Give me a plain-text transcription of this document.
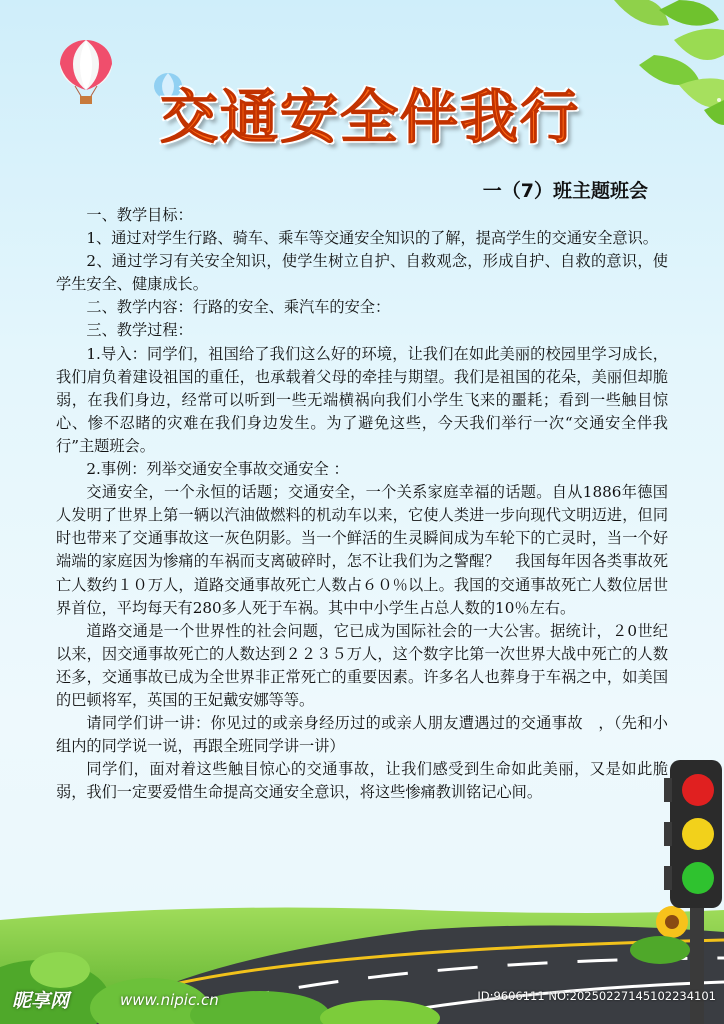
交通安全伴我行
一（7）班主题班会

一、教学目标：

1、通过对学生行路、骑车、乘车等交通安全知识的了解，提高学生的交通安全意识。

2、通过学习有关安全知识，使学生树立自护、自救观念，形成自护、自救的意识，使学生安全、健康成长。

二、教学内容：行路的安全、乘汽车的安全：

三、教学过程：

1.导入：同学们，祖国给了我们这么好的环境，让我们在如此美丽的校园里学习成长，我们肩负着建设祖国的重任，也承载着父母的牵挂与期望。我们是祖国的花朵，美丽但却脆弱，在我们身边，经常可以听到一些无端横祸向我们小学生飞来的噩耗；看到一些触目惊心、惨不忍睹的灾难在我们身边发生。为了避免这些，今天我们举行一次“交通安全伴我行”主题班会。

2.事例：列举交通安全事故交通安全 ：

交通安全，一个永恒的话题；交通安全，一个关系家庭幸福的话题。自从1886年德国人发明了世界上第一辆以汽油做燃料的机动车以来，它使人类进一步向现代文明迈进，但同时也带来了交通事故这一灰色阴影。当一个鲜活的生灵瞬间成为车轮下的亡灵时，当一个好端端的家庭因为惨痛的车祸而支离破碎时，怎不让我们为之警醒？　我国每年因各类事故死亡人数约１０万人，道路交通事故死亡人数占６０％以上。我国的交通事故死亡人数位居世界首位，平均每天有280多人死于车祸。其中中小学生占总人数的10％左右。

道路交通是一个世界性的社会问题，它已成为国际社会的一大公害。据统计，２0世纪以来，因交通事故死亡的人数达到２２３５万人，这个数字比第一次世界大战中死亡的人数还多，交通事故已成为全世界非正常死亡的重要因素。许多名人也葬身于车祸之中，如美国的巴顿将军，英国的王妃戴安娜等等。

请同学们讲一讲：你见过的或亲身经历过的或亲人朋友遭遇过的交通事故　，（先和小组内的同学说一说，再跟全班同学讲一讲）

同学们，面对着这些触目惊心的交通事故，让我们感受到生命如此美丽，又是如此脆弱，我们一定要爱惜生命提高交通安全意识，将这些惨痛教训铭记心间。

昵享网	www.nipic.cn	ID:9606111 NO:20250227145102234101
